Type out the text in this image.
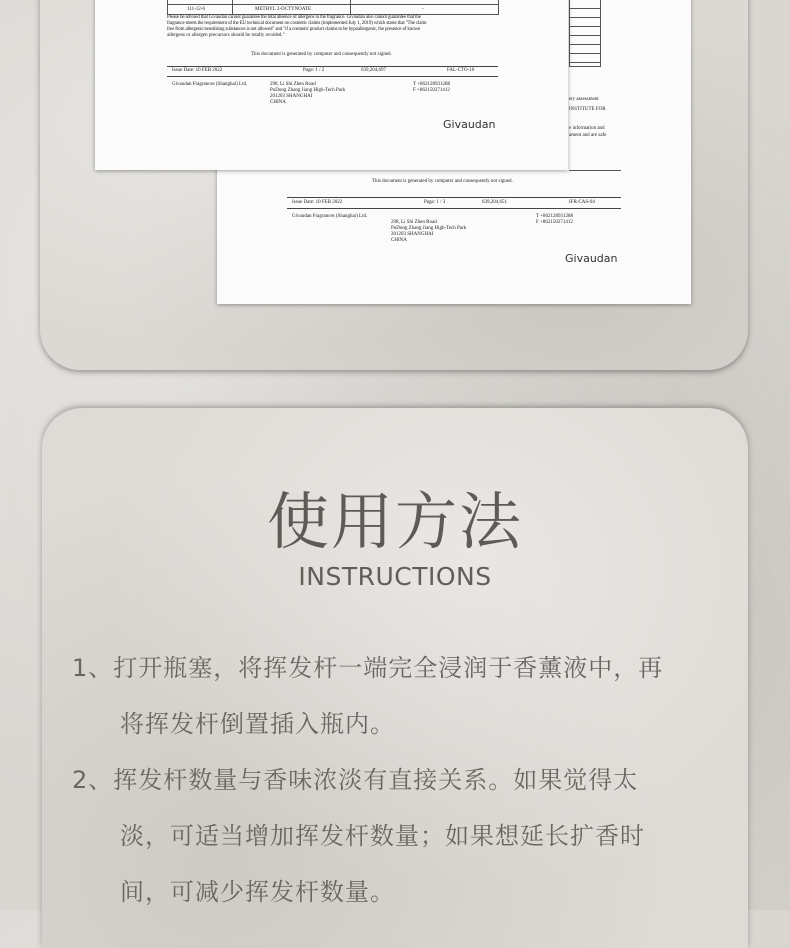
ety assessment
INSTITUTE FOR
e information and
ament and are safe
This document is generated by computer and consequently not signed.
Issue Date: 10 FEB 2022	Page: 1 / 3	639,204,651	IFR-CAS-04
Givaudan Fragrances (Shanghai) Ltd.
298, Li Shi Zhen Road
PuDong Zhang Jiang High-Tech Park
201203 SHANGHAI
CHINA
T +862128931288
F +862150271412
Givaudan
111-12-6	METHYL 2-OCTYNOATE	-
Please be advised that Givaudan cannot guarantee the total absence of allergens in the fragrance. Givaudan also cannot guarantee that the
fragrance meets the requirement of the EU technical document on cosmetic claims (implemented July 1, 2019) which states that "The claim
free from allergenic/sensitising substances is not allowed" and "if a cosmetic product claims to be hypoallergenic, the presence of known
allergens or allergen precursors should be totally avoided."
This document is generated by computer and consequently not signed.
Issue Date: 10 FEB 2022	Page: 1 / 2	639,204,697	FAL-CTO-10
Givaudan Fragrances (Shanghai) Ltd.	298, Li Shi Zhen Road
PuDong Zhang Jiang High-Tech Park
201203 SHANGHAI
CHINA
T +862128931288
F +862150271412
Givaudan
使用方法
INSTRUCTIONS
1、打开瓶塞，将挥发杆一端完全浸润于香薰液中，再
将挥发杆倒置插入瓶内。
2、挥发杆数量与香味浓淡有直接关系。如果觉得太
淡，可适当增加挥发杆数量；如果想延长扩香时
间，可减少挥发杆数量。
